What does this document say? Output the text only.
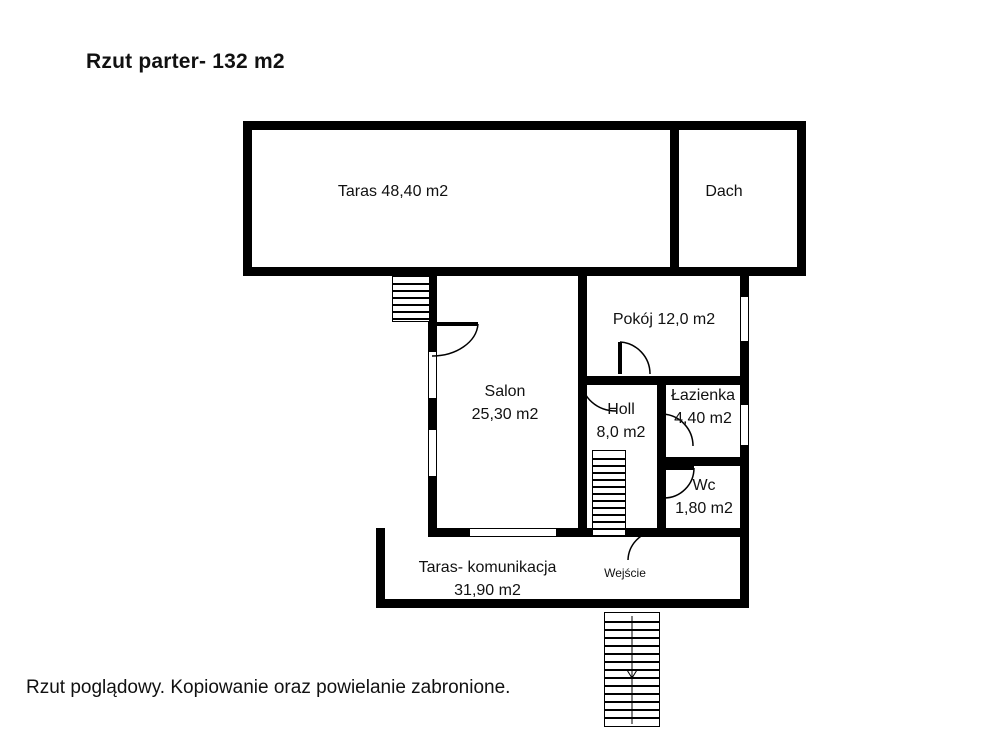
Rzut parter- 132 m2
Taras 48,40 m2	Dach
Pokój 12,0 m2
Salon
25,30 m2	Holl
8,0 m2
Łazienka
4,40 m2
Wc
1,80 m2
Taras- komunikacja
31,90 m2
Wejście
Rzut poglądowy. Kopiowanie oraz powielanie zabronione.
